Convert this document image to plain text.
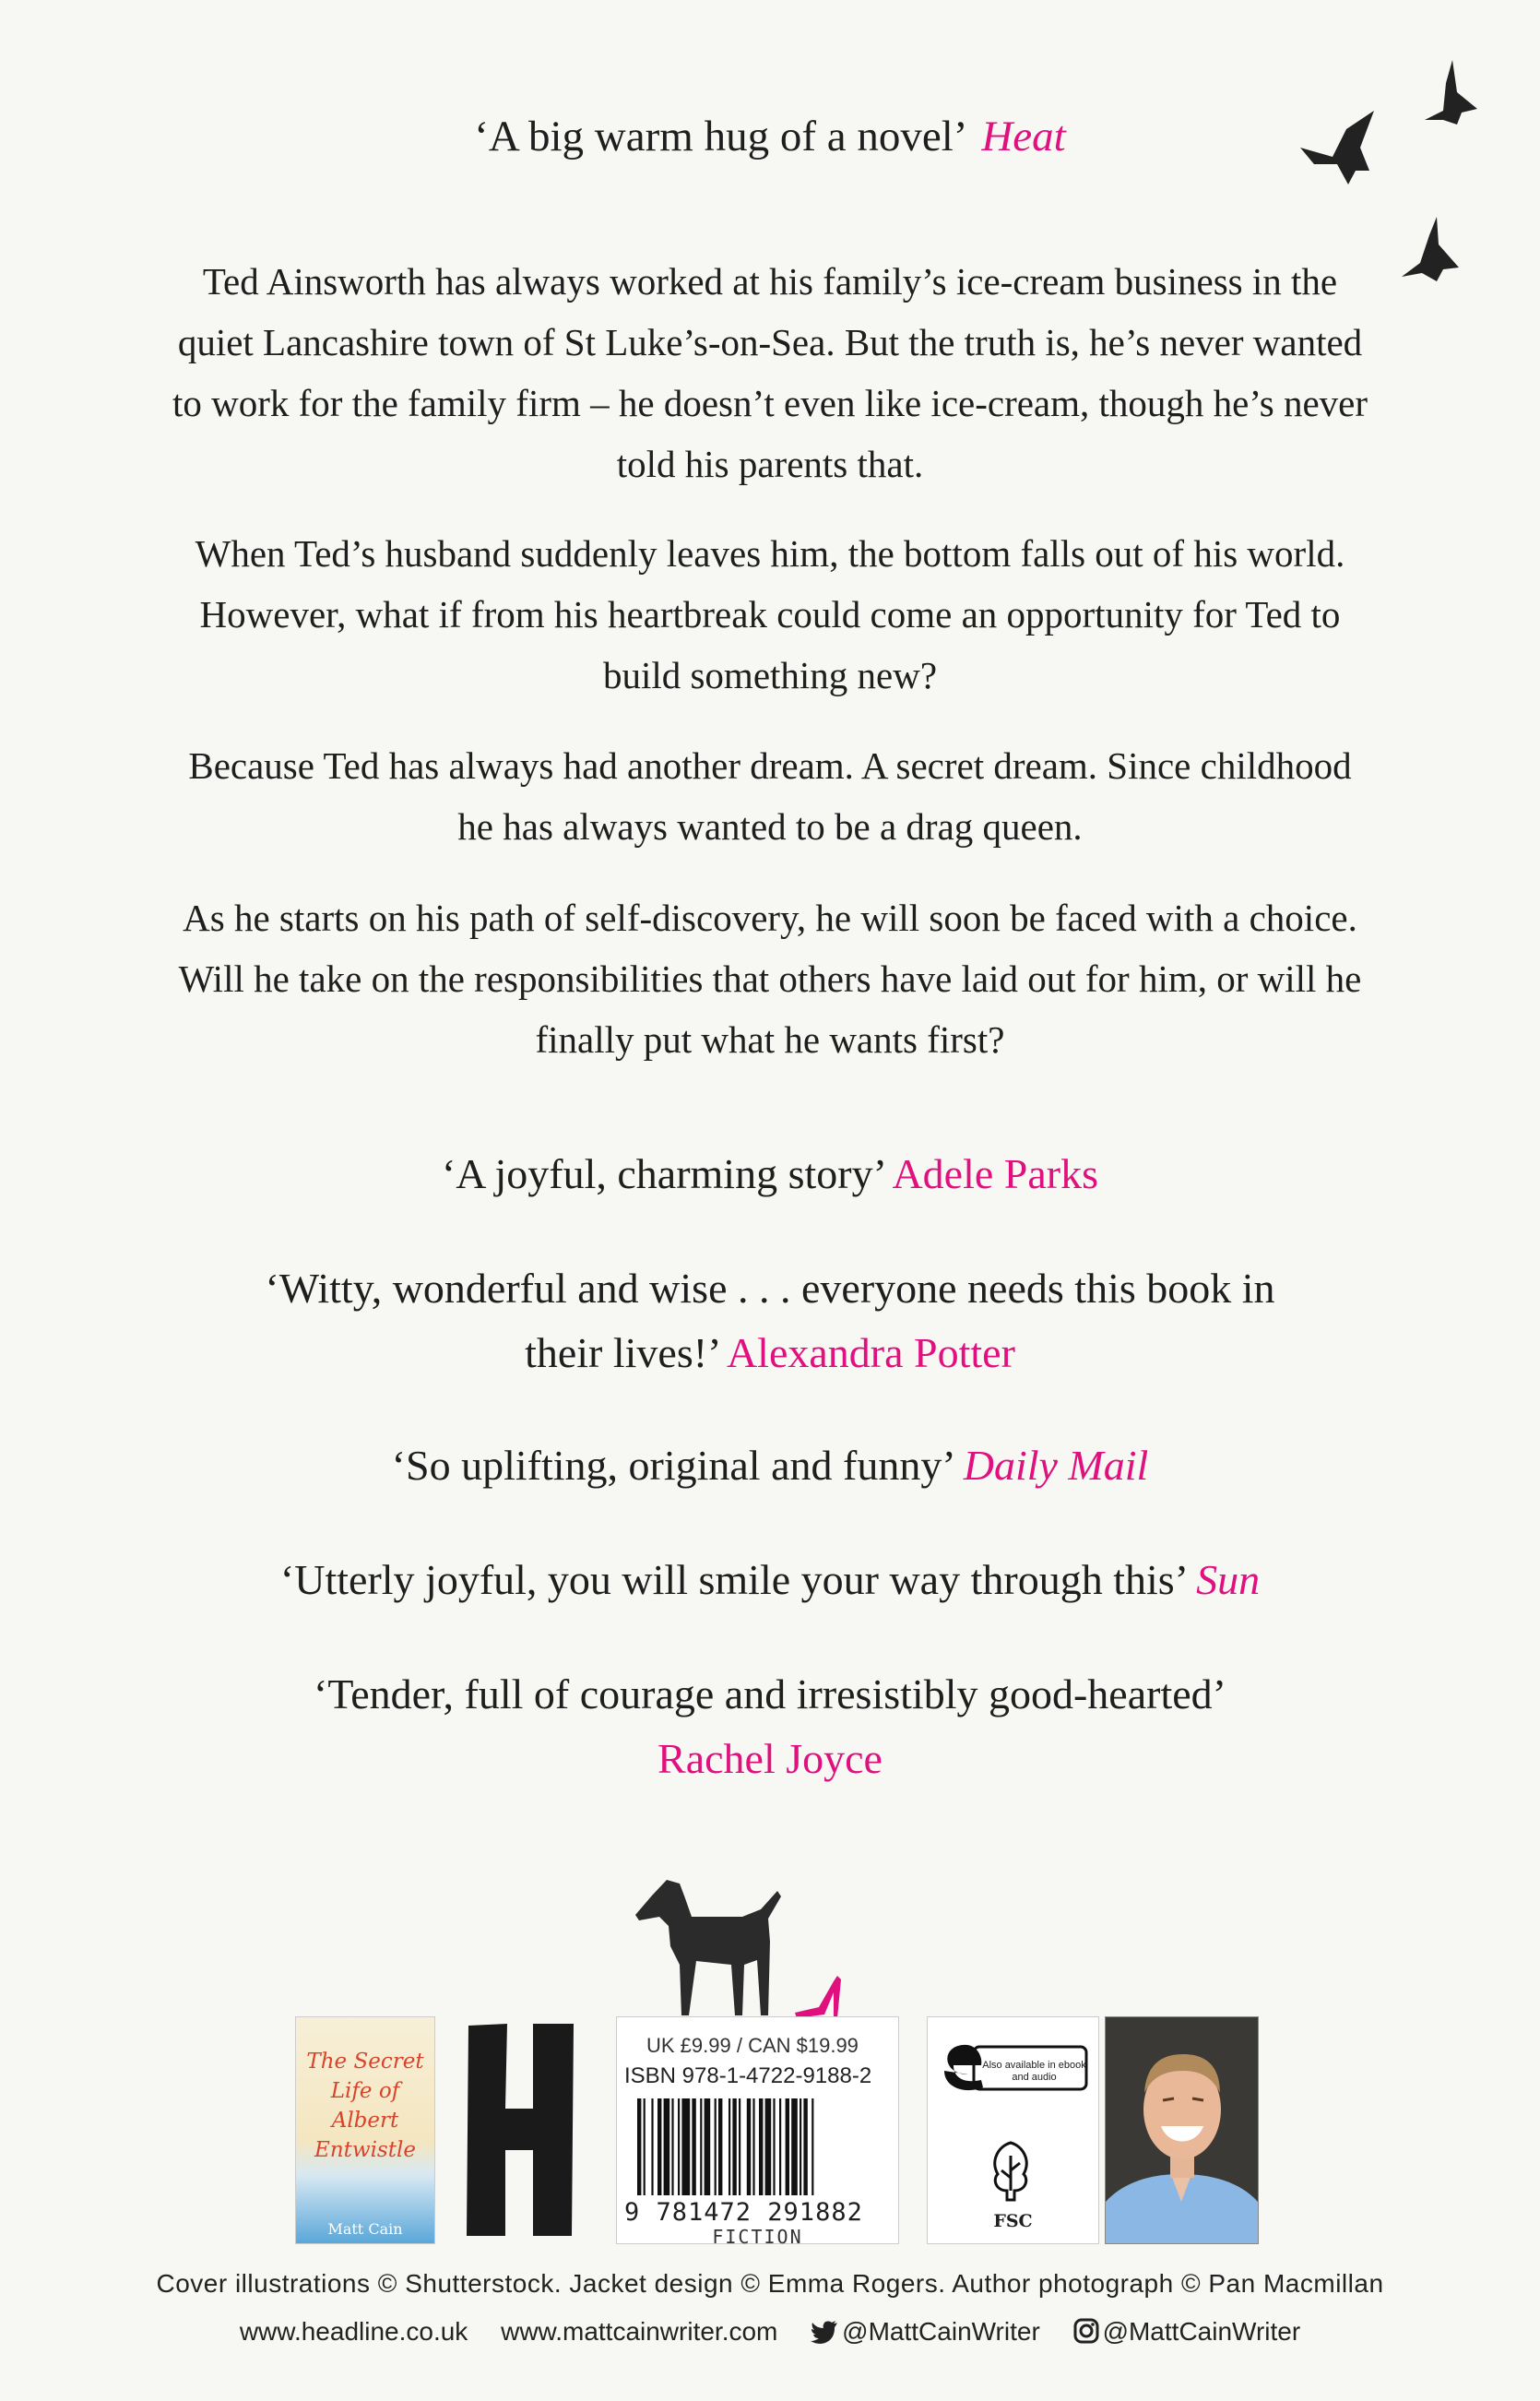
‘A big warm hug of a novel’ Heat

Ted Ainsworth has always worked at his family’s ice-cream business in the quiet Lancashire town of St Luke’s-on-Sea. But the truth is, he’s never wanted to work for the family firm – he doesn’t even like ice-cream, though he’s never told his parents that.

When Ted’s husband suddenly leaves him, the bottom falls out of his world. However, what if from his heartbreak could come an opportunity for Ted to build something new?

Because Ted has always had another dream. A secret dream. Since childhood he has always wanted to be a drag queen.

As he starts on his path of self-discovery, he will soon be faced with a choice. Will he take on the responsibilities that others have laid out for him, or will he finally put what he wants first?

‘A joyful, charming story’ Adele Parks
‘Witty, wonderful and wise . . . everyone needs this book in their lives!’ Alexandra Potter
‘So uplifting, original and funny’ Daily Mail
‘Utterly joyful, you will smile your way through this’ Sun
‘Tender, full of courage and irresistibly good-hearted’
Rachel Joyce
The Secret Life of Albert Entwistle
Matt Cain
UK £9.99 / CAN $19.99
ISBN 978-1-4722-9188-2
9 781472 291882
FICTION
Also available in ebook and audio
FSC
Cover illustrations © Shutterstock. Jacket design © Emma Rogers. Author photograph © Pan Macmillan
www.headline.co.uk www.mattcainwriter.com @MattCainWriter @MattCainWriter
